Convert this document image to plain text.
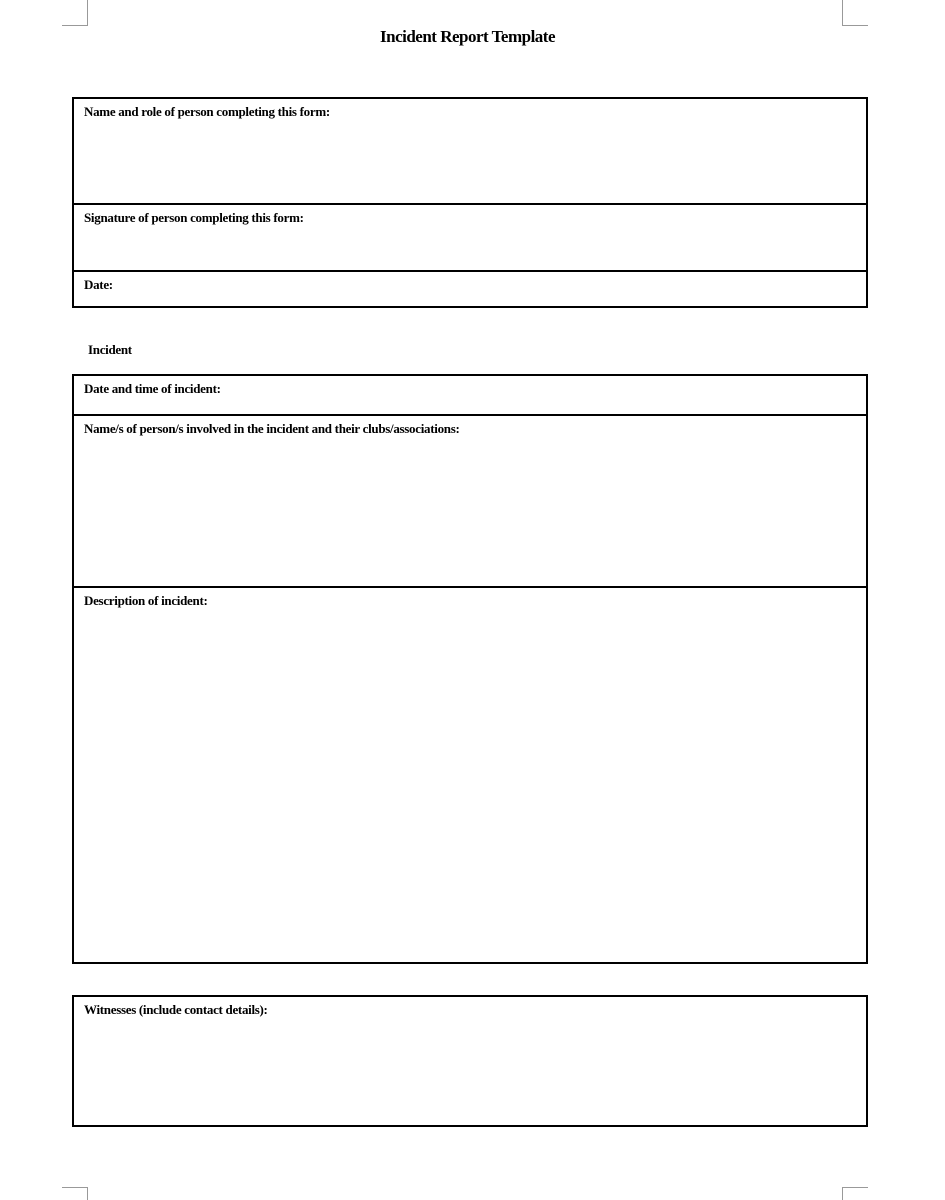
Incident Report Template
Name and role of person completing this form:
Signature of person completing this form:
Date:
Incident
Date and time of incident:
Name/s of person/s involved in the incident and their clubs/associations:
Description of incident:
Witnesses (include contact details):
